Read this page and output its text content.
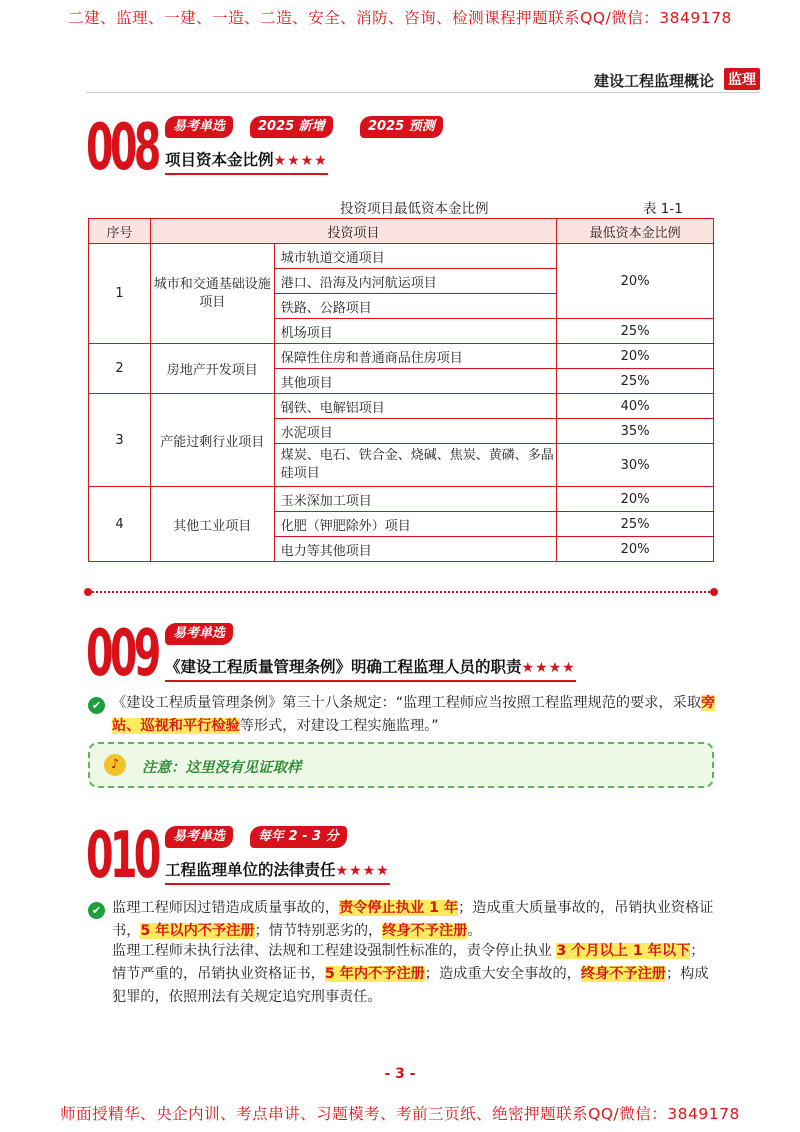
二建、监理、一建、一造、二造、安全、消防、咨询、检测课程押题联系QQ/微信：3849178
建设工程监理概论 监理
008	易考单选	2025 新增	2025 预测
项目资本金比例★★★★
投资项目最低资本金比例	表 1-1
序号	投资项目		最低资本金比例
1	城市和交通基础设施项目	城市轨道交通项目	20%
		港口、沿海及内河航运项目	
		铁路、公路项目	
		机场项目	25%
2	房地产开发项目	保障性住房和普通商品住房项目	20%
		其他项目	25%
3	产能过剩行业项目	钢铁、电解铝项目	40%
		水泥项目	35%
		煤炭、电石、铁合金、烧碱、焦炭、黄磷、多晶硅项目	30%
4	其他工业项目	玉米深加工项目	20%
		化肥（钾肥除外）项目	25%
		电力等其他项目	20%
009	易考单选
《建设工程质量管理条例》明确工程监理人员的职责★★★★
✔ 《建设工程质量管理条例》第三十八条规定：“监理工程师应当按照工程监理规范的要求，采取旁站、巡视和平行检验等形式，对建设工程实施监理。”
♪	注意：这里没有见证取样
010	易考单选	每年 2 - 3 分
工程监理单位的法律责任★★★★
✔ 监理工程师因过错造成质量事故的，责令停止执业 1 年；造成重大质量事故的，吊销执业资格证书，5 年以内不予注册；情节特别恶劣的，终身不予注册。
监理工程师未执行法律、法规和工程建设强制性标准的，责令停止执业 3 个月以上 1 年以下；情节严重的，吊销执业资格证书，5 年内不予注册；造成重大安全事故的，终身不予注册；构成犯罪的，依照刑法有关规定追究刑事责任。
- 3 -
师面授精华、央企内训、考点串讲、习题模考、考前三页纸、绝密押题联系QQ/微信：3849178
